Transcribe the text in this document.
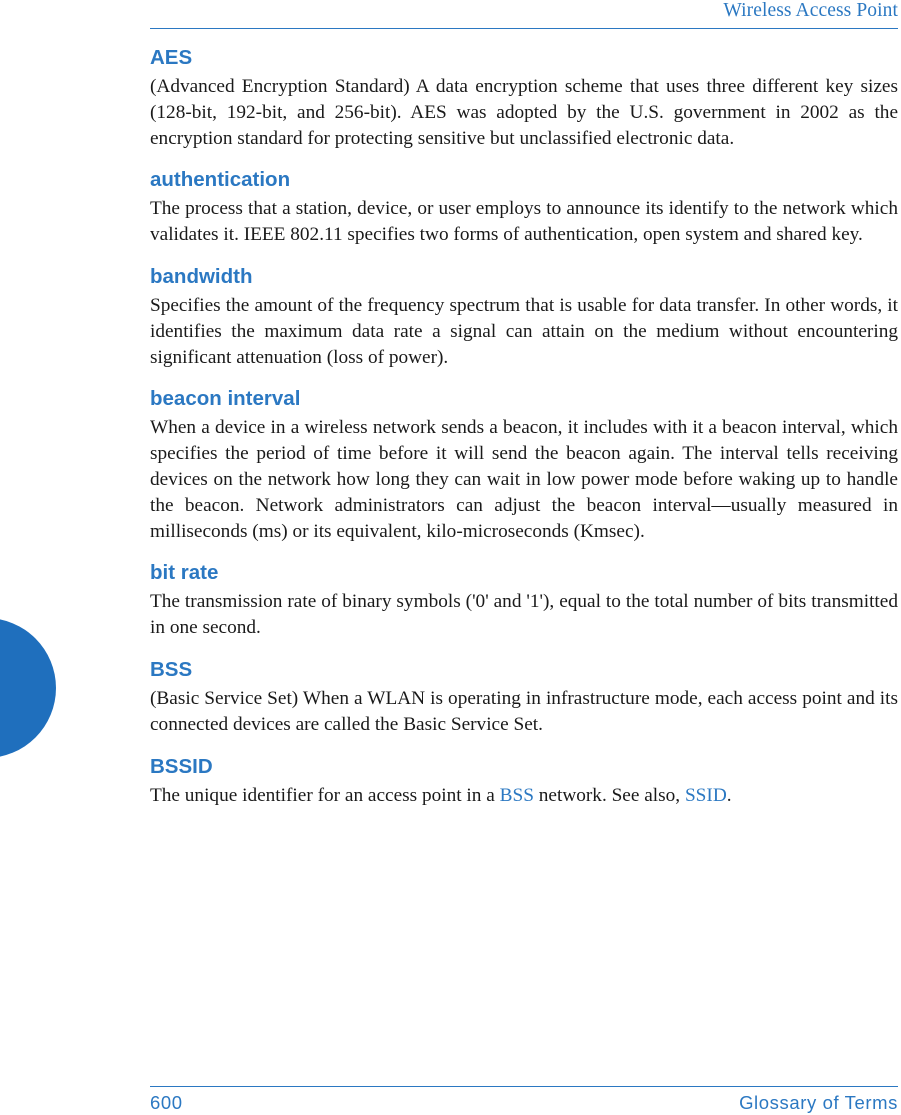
Wireless Access Point
AES

(Advanced Encryption Standard) A data encryption scheme that uses three different key sizes (128-bit, 192-bit, and 256-bit). AES was adopted by the U.S. government in 2002 as the encryption standard for protecting sensitive but unclassified electronic data.

authentication

The process that a station, device, or user employs to announce its identify to the network which validates it. IEEE 802.11 specifies two forms of authentication, open system and shared key.

bandwidth

Specifies the amount of the frequency spectrum that is usable for data transfer. In other words, it identifies the maximum data rate a signal can attain on the medium without encountering significant attenuation (loss of power).

beacon interval

When a device in a wireless network sends a beacon, it includes with it a beacon interval, which specifies the period of time before it will send the beacon again. The interval tells receiving devices on the network how long they can wait in low power mode before waking up to handle the beacon. Network administrators can adjust the beacon interval—usually measured in milliseconds (ms) or its equivalent, kilo-microseconds (Kmsec).

bit rate

The transmission rate of binary symbols ('0' and '1'), equal to the total number of bits transmitted in one second.

BSS

(Basic Service Set) When a WLAN is operating in infrastructure mode, each access point and its connected devices are called the Basic Service Set.

BSSID

The unique identifier for an access point in a BSS network. See also, SSID.

600	Glossary of Terms
